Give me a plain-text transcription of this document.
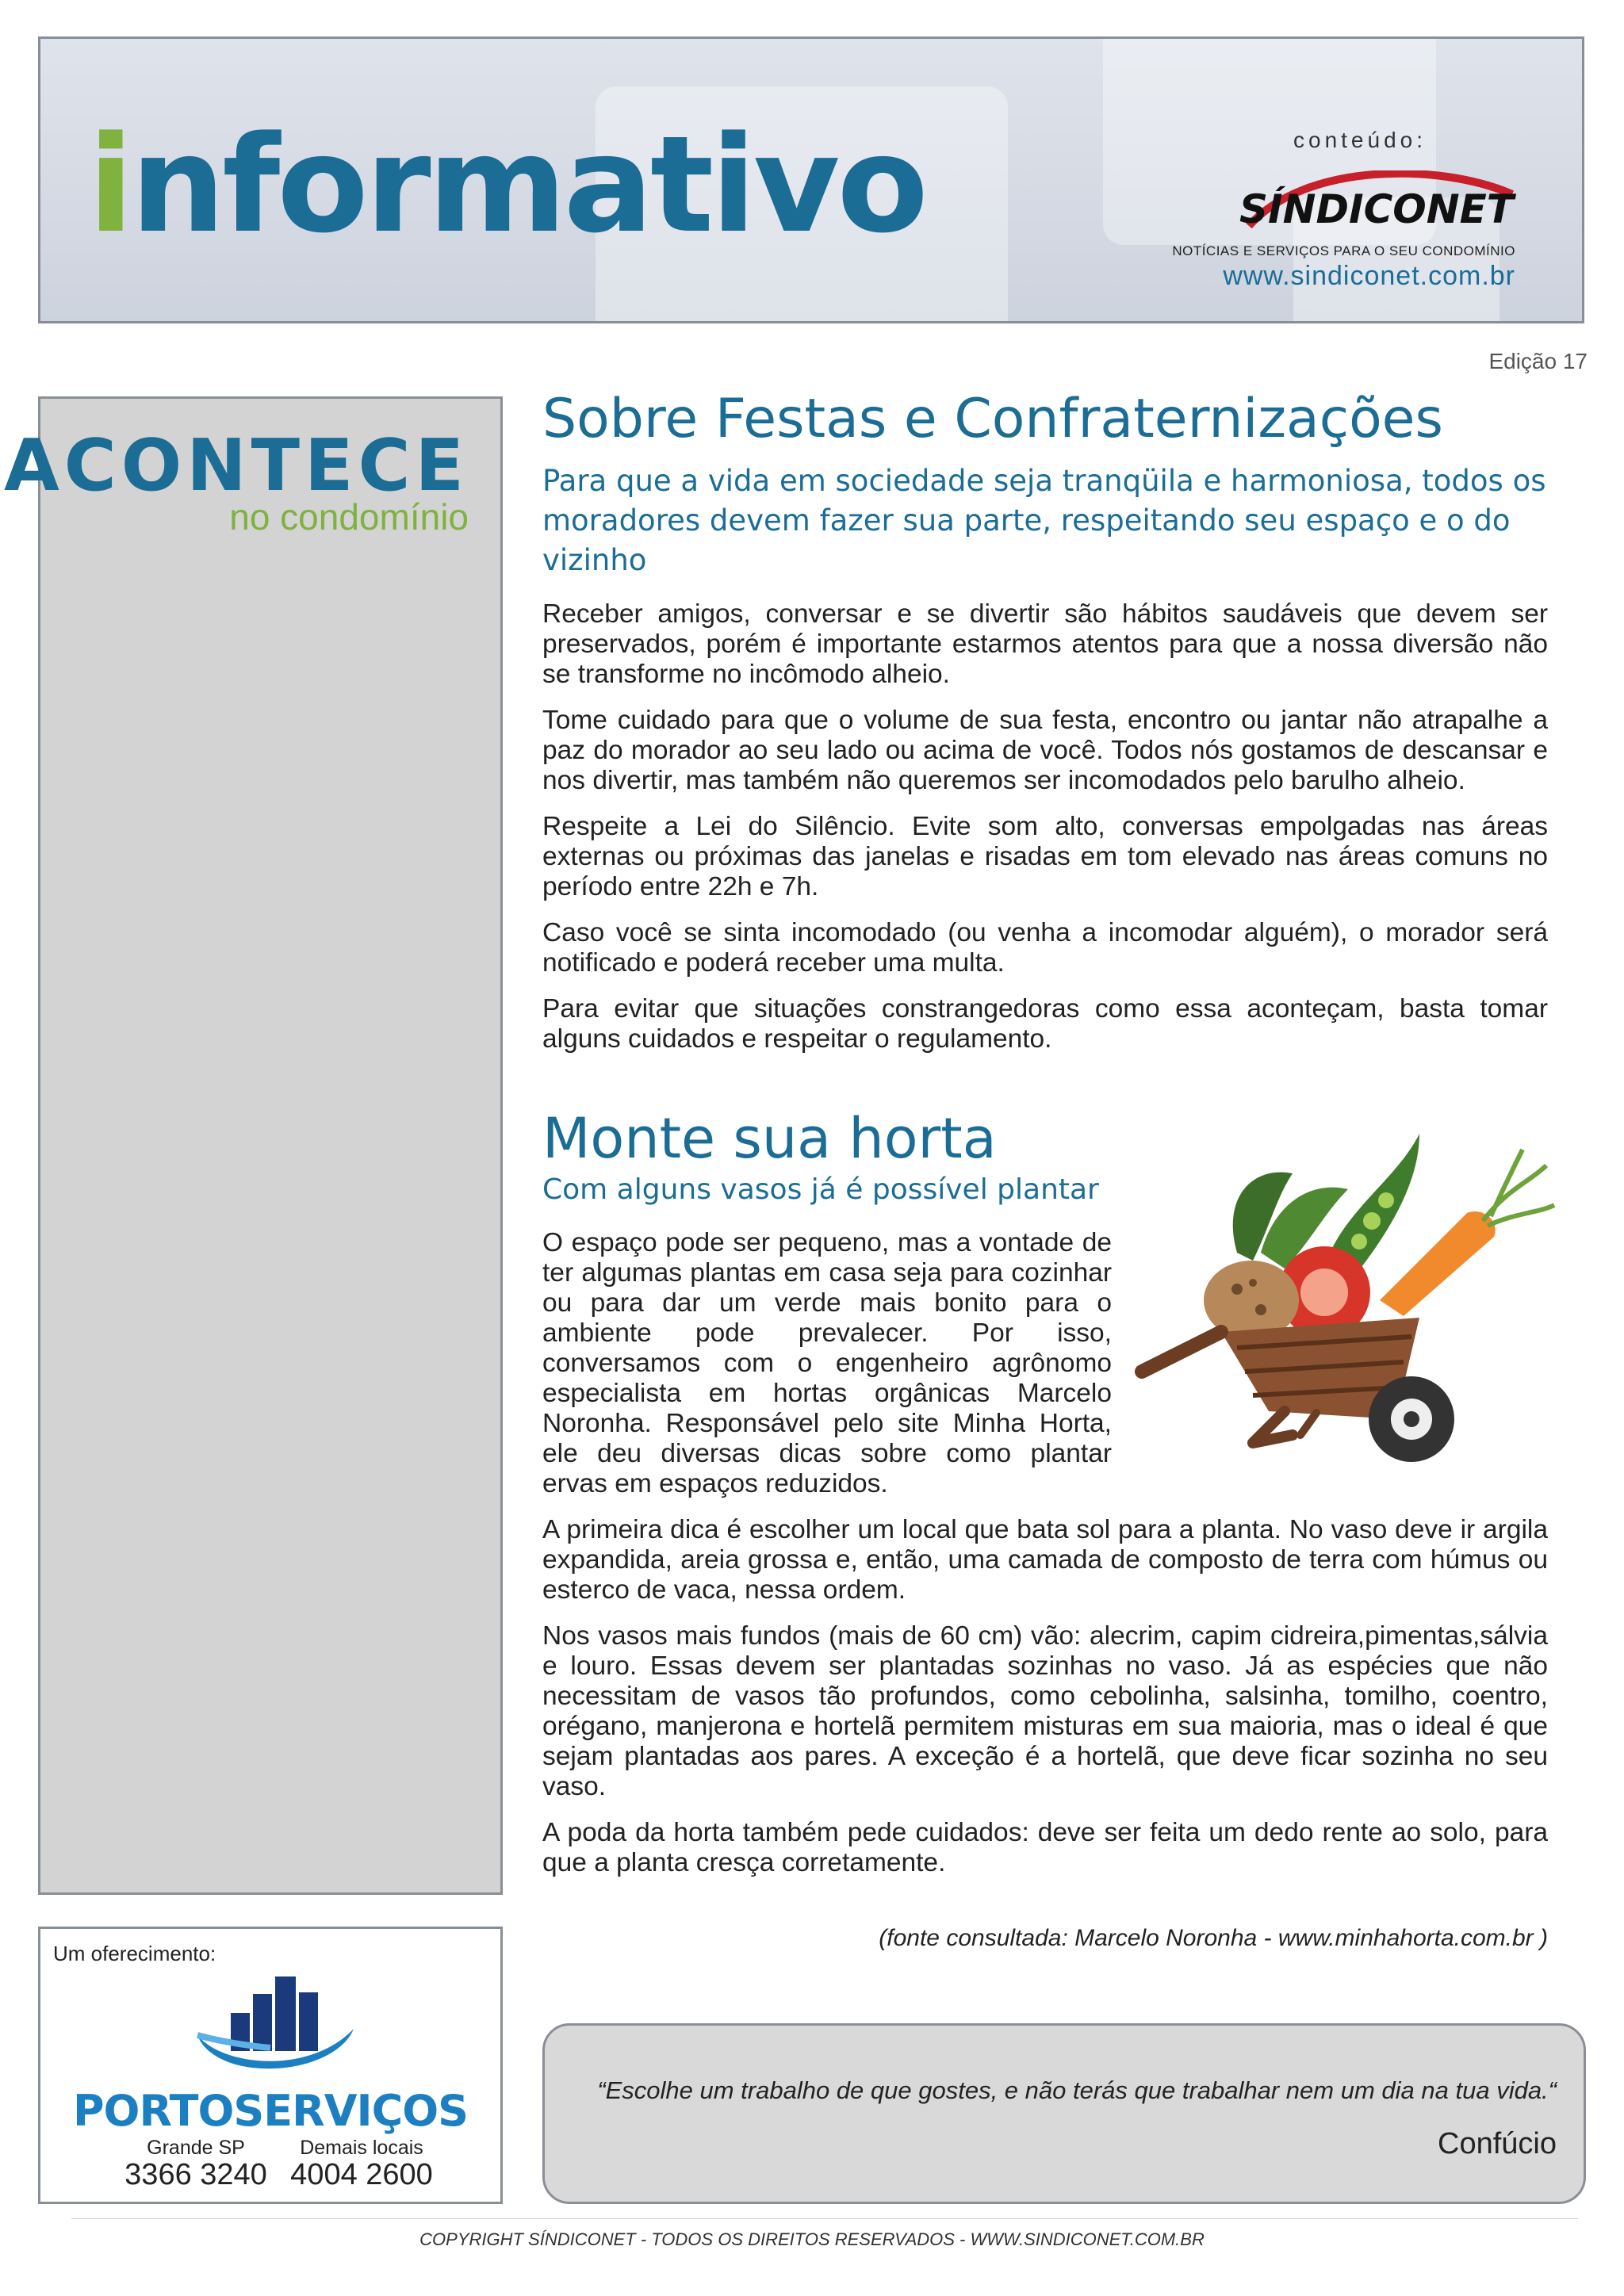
informativo	conteúdo:
SÍNDICONET
NOTÍCIAS E SERVIÇOS PARA O SEU CONDOMÍNIO
www.sindiconet.com.br
Edição 17
ACONTECE
no condomínio
Um oferecimento:
PORTOSERVIÇOS
Grande SP
3366 3240
Demais locais
4004 2600
Sobre Festas e Confraternizações
Para que a vida em sociedade seja tranqüila e harmoniosa, todos os moradores devem fazer sua parte, respeitando seu espaço e o do vizinho

Receber amigos, conversar e se divertir são hábitos saudáveis que devem ser preservados, porém é importante estarmos atentos para que a nossa diversão não se transforme no incômodo alheio.

Tome cuidado para que o volume de sua festa, encontro ou jantar não atrapalhe a paz do morador ao seu lado ou acima de você. Todos nós gostamos de descansar e nos divertir, mas também não queremos ser incomodados pelo barulho alheio.

Respeite a Lei do Silêncio. Evite som alto, conversas empolgadas nas áreas externas ou próximas das janelas e risadas em tom elevado nas áreas comuns no período entre 22h e 7h.

Caso você se sinta incomodado (ou venha a incomodar alguém), o morador será notificado e poderá receber uma multa.

Para evitar que situações constrangedoras como essa aconteçam, basta tomar alguns cuidados e respeitar o regulamento.

Monte sua horta
Com alguns vasos já é possível plantar

O espaço pode ser pequeno, mas a vontade de ter algumas plantas em casa seja para cozinhar ou para dar um verde mais bonito para o ambiente pode prevalecer. Por isso, conversamos com o engenheiro agrônomo especialista em hortas orgânicas Marcelo Noronha. Responsável pelo site Minha Horta, ele deu diversas dicas sobre como plantar ervas em espaços reduzidos.

A primeira dica é escolher um local que bata sol para a planta. No vaso deve ir argila expandida, areia grossa e, então, uma camada de composto de terra com húmus ou esterco de vaca, nessa ordem.

Nos vasos mais fundos (mais de 60 cm) vão: alecrim, capim cidreira,pimentas,sálvia e louro. Essas devem ser plantadas sozinhas no vaso. Já as espécies que não necessitam de vasos tão profundos, como cebolinha, salsinha, tomilho, coentro, orégano, manjerona e hortelã permitem misturas em sua maioria, mas o ideal é que sejam plantadas aos pares. A exceção é a hortelã, que deve ficar sozinha no seu vaso.

A poda da horta também pede cuidados: deve ser feita um dedo rente ao solo, para que a planta cresça corretamente.

(fonte consultada: Marcelo Noronha - www.minhahorta.com.br )
“Escolhe um trabalho de que gostes, e não terás que trabalhar nem um dia na tua vida.“
Confúcio
COPYRIGHT SÍNDICONET - TODOS OS DIREITOS RESERVADOS - WWW.SINDICONET.COM.BR
